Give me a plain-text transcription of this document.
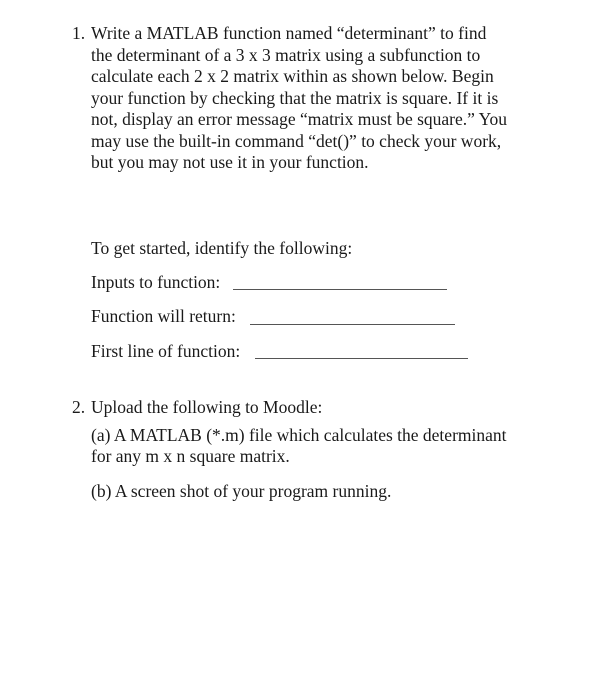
1. Write a MATLAB function named “determinant” to find
the determinant of a 3 x 3 matrix using a subfunction to
calculate each 2 x 2 matrix within as shown below. Begin
your function by checking that the matrix is square. If it is
not, display an error message “matrix must be square.” You
may use the built-in command “det()” to check your work,
but you may not use it in your function.
To get started, identify the following:
Inputs to function:
Function will return:
First line of function:
2. Upload the following to Moodle:
(a) A MATLAB (*.m) file which calculates the determinant
for any m x n square matrix.
(b) A screen shot of your program running.
